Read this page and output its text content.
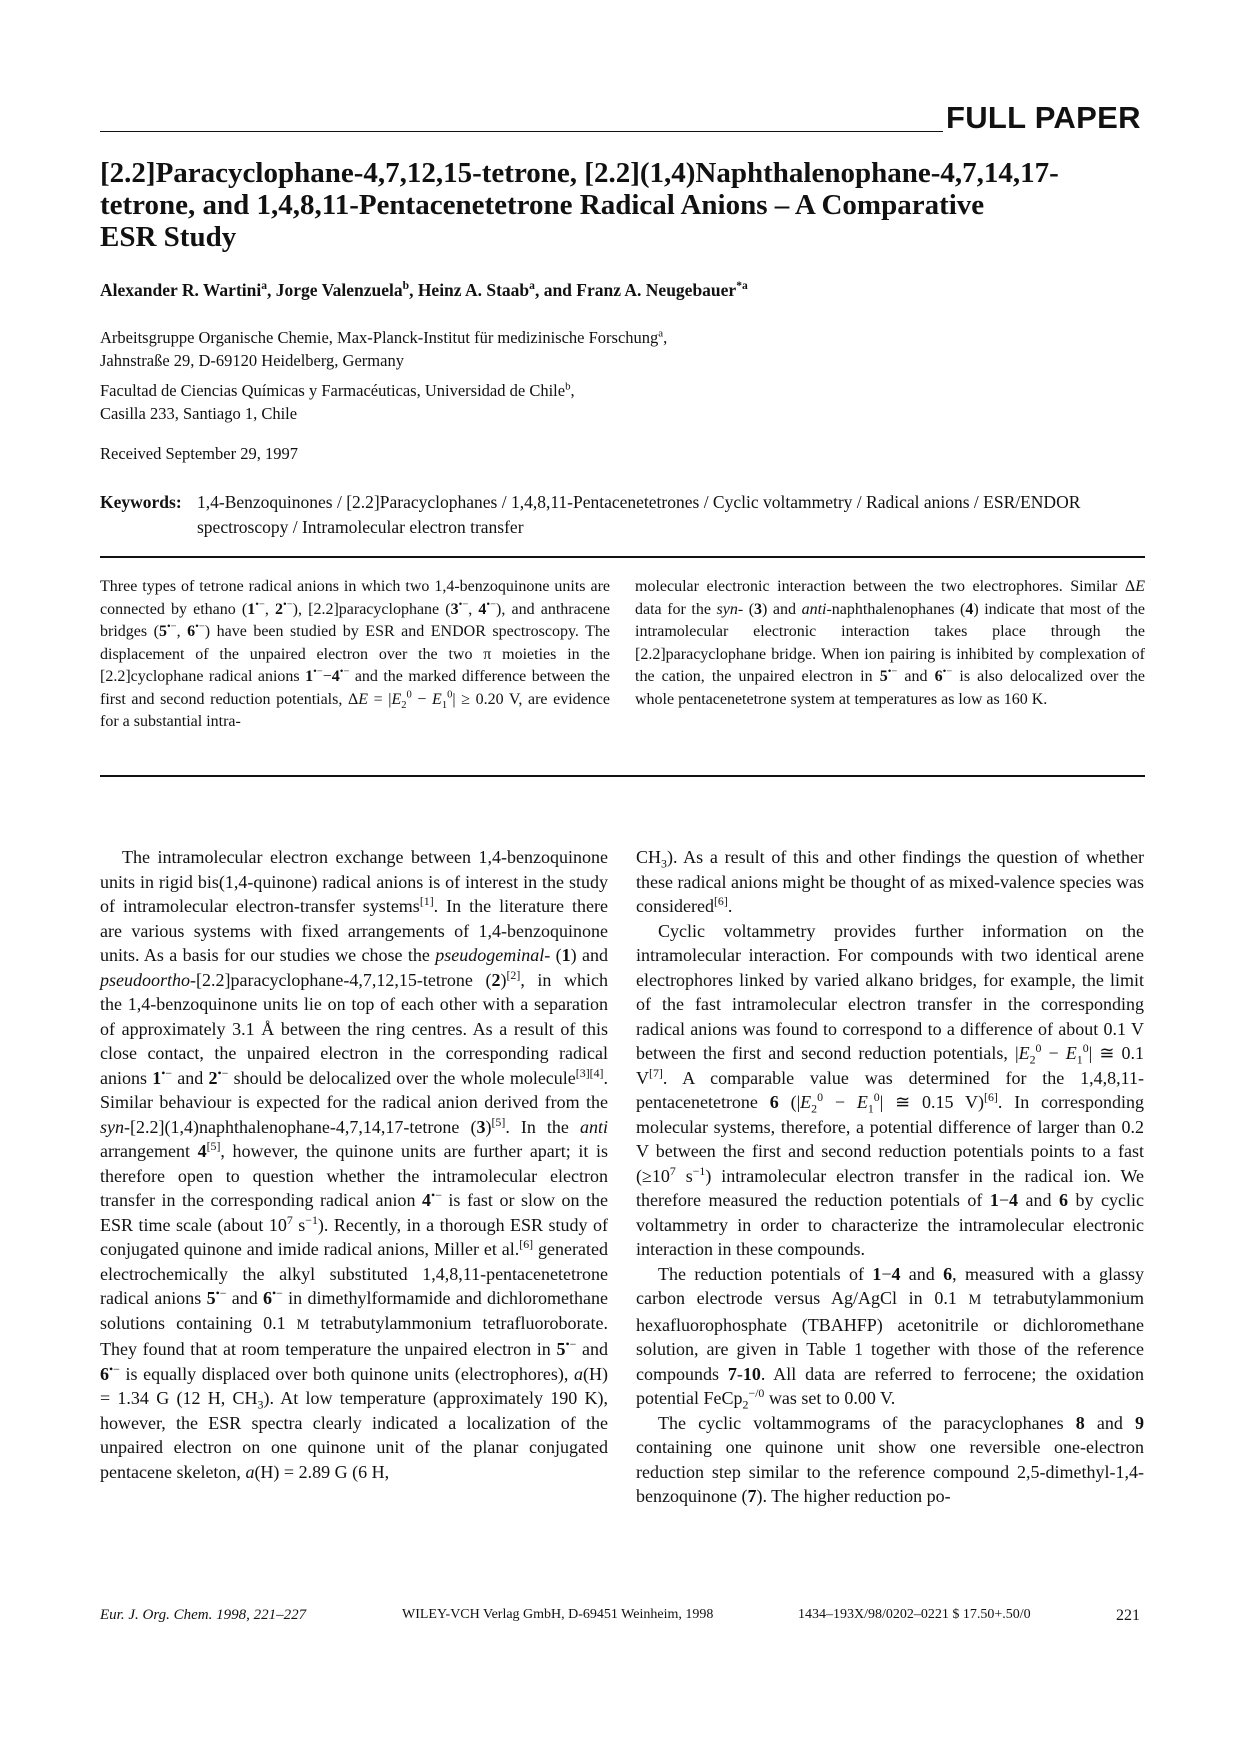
FULL PAPER
[2.2]Paracyclophane-4,7,12,15-tetrone, [2.2](1,4)Naphthalenophane-4,7,14,17-
tetrone, and 1,4,8,11-Pentacenetetrone Radical Anions – A Comparative
ESR Study
Alexander R. Wartini$^a$, Jorge Valenzuela$^b$, Heinz A. Staab$^a$, and Franz A. Neugebauer$^{*a}$
Arbeitsgruppe Organische Chemie, Max-Planck-Institut für medizinische Forschung$^a$,
Jahnstraße 29, D-69120 Heidelberg, Germany
Facultad de Ciencias Químicas y Farmacéuticas, Universidad de Chile$^b$,
Casilla 233, Santiago 1, Chile
Received September 29, 1997
Keywords: 1,4-Benzoquinones / [2.2]Paracyclophanes / 1,4,8,11-Pentacenetetrones / Cyclic voltammetry / Radical anions / ESR/ENDOR spectroscopy / Intramolecular electron transfer
Three types of tetrone radical anions in which two 1,4-benzoquinone units are connected by ethano (1•−, 2•−), [2.2]paracyclophane (3•−, 4•−), and anthracene bridges (5•−, 6•−) have been studied by ESR and ENDOR spectroscopy. The displacement of the unpaired electron over the two π moieties in the [2.2]cyclophane radical anions 1•−−4•− and the marked difference between the first and second reduction potentials, $\Delta E = |E_2^0 - E_1^0| \ge 0.20$ V, are evidence for a substantial intra-
molecular electronic interaction between the two electrophores. Similar ΔE data for the syn- (3) and anti-naphthalenophanes (4) indicate that most of the intramolecular electronic interaction takes place through the [2.2]paracyclophane bridge. When ion pairing is inhibited by complexation of the cation, the unpaired electron in 5•− and 6•− is also delocalized over the whole pentacenetetrone system at temperatures as low as 160 K.

The intramolecular electron exchange between 1,4-benzoquinone units in rigid bis(1,4-quinone) radical anions is of interest in the study of intramolecular electron-transfer systems[1]. In the literature there are various systems with fixed arrangements of 1,4-benzoquinone units. As a basis for our studies we chose the pseudogeminal- (1) and pseudoortho-[2.2]paracyclophane-4,7,12,15-tetrone (2)[2], in which the 1,4-benzoquinone units lie on top of each other with a separation of approximately 3.1 Å between the ring centres. As a result of this close contact, the unpaired electron in the corresponding radical anions 1•− and 2•− should be delocalized over the whole molecule[3][4]. Similar behaviour is expected for the radical anion derived from the syn-[2.2](1,4)naphthalenophane-4,7,14,17-tetrone (3)[5]. In the anti arrangement 4[5], however, the quinone units are further apart; it is therefore open to question whether the intramolecular electron transfer in the corresponding radical anion 4•− is fast or slow on the ESR time scale (about $10^7$ $s^{-1}$). Recently, in a thorough ESR study of conjugated quinone and imide radical anions, Miller et al.[6] generated electrochemically the alkyl substituted 1,4,8,11-pentacenetetrone radical anions 5•− and 6•− in dimethylformamide and dichloromethane solutions containing 0.1 M tetrabutylammonium tetrafluoroborate. They found that at room temperature the unpaired electron in 5•− and 6•− is equally displaced over both quinone units (electrophores), a(H) = 1.34 G (12 H, $CH_3$). At low temperature (approximately 190 K), however, the ESR spectra clearly indicated a localization of the unpaired electron on one quinone unit of the planar conjugated pentacene skeleton, a(H) = 2.89 G (6 H,

$CH_3$). As a result of this and other findings the question of whether these radical anions might be thought of as mixed-valence species was considered[6].

Cyclic voltammetry provides further information on the intramolecular interaction. For compounds with two identical arene electrophores linked by varied alkano bridges, for example, the limit of the fast intramolecular electron transfer in the corresponding radical anions was found to correspond to a difference of about 0.1 V between the first and second reduction potentials, $|E_2^0 - E_1^0|$ ≅ 0.1 V[7]. A comparable value was determined for the 1,4,8,11-pentacenetetrone 6 ($|E_2^0 - E_1^0|$ ≅ 0.15 V)[6]. In corresponding molecular systems, therefore, a potential difference of larger than 0.2 V between the first and second reduction potentials points to a fast ($\ge 10^7$ $s^{-1}$) intramolecular electron transfer in the radical ion. We therefore measured the reduction potentials of 1−4 and 6 by cyclic voltammetry in order to characterize the intramolecular electronic interaction in these compounds.

The reduction potentials of 1−4 and 6, measured with a glassy carbon electrode versus Ag/AgCl in 0.1 M tetrabutylammonium hexafluorophosphate (TBAHFP) acetonitrile or dichloromethane solution, are given in Table 1 together with those of the reference compounds 7-10. All data are referred to ferrocene; the oxidation potential FeCp$_2^{-/0}$ was set to 0.00 V.

The cyclic voltammograms of the paracyclophanes 8 and 9 containing one quinone unit show one reversible one-electron reduction step similar to the reference compound 2,5-dimethyl-1,4-benzoquinone (7). The higher reduction po-

Eur. J. Org. Chem. 1998, 221–227	WILEY-VCH Verlag GmbH, D-69451 Weinheim, 1998	1434–193X/98/0202–0221 $ 17.50+.50/0	221
